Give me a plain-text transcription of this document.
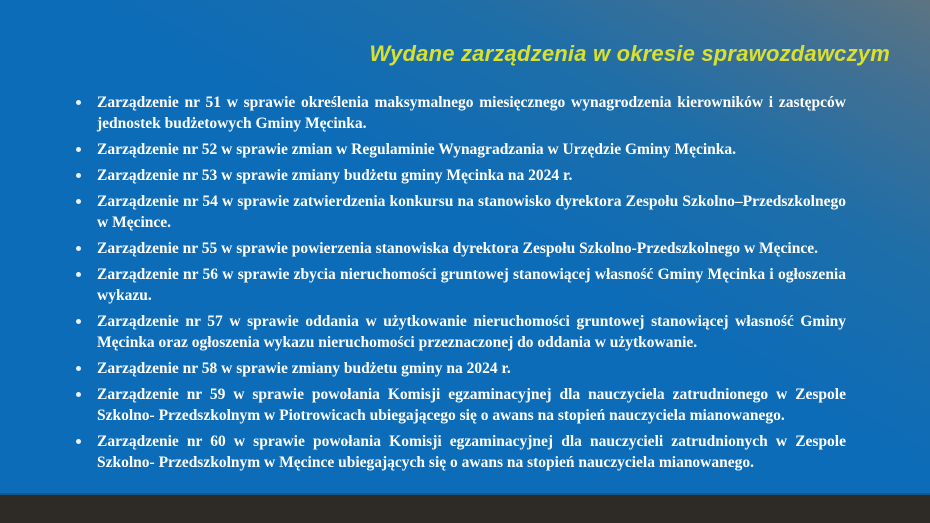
Wydane zarządzenia w okresie sprawozdawczym
Zarządzenie nr 51 w sprawie określenia maksymalnego miesięcznego wynagrodzenia kierowników i zastępców jednostek budżetowych Gminy Męcinka.
Zarządzenie nr 52 w sprawie zmian w Regulaminie Wynagradzania w Urzędzie Gminy Męcinka.
Zarządzenie nr 53 w sprawie zmiany budżetu gminy Męcinka na 2024 r.
Zarządzenie nr 54 w sprawie zatwierdzenia konkursu na stanowisko dyrektora Zespołu Szkolno–Przedszkolnego w Męcince.
Zarządzenie nr 55 w sprawie powierzenia stanowiska dyrektora Zespołu Szkolno-Przedszkolnego w Męcince.
Zarządzenie nr 56 w sprawie zbycia nieruchomości gruntowej stanowiącej własność Gminy Męcinka i ogłoszenia wykazu.
Zarządzenie nr 57 w sprawie oddania w użytkowanie nieruchomości gruntowej stanowiącej własność Gminy Męcinka oraz ogłoszenia wykazu nieruchomości przeznaczonej do oddania w użytkowanie.
Zarządzenie nr 58 w sprawie zmiany budżetu gminy na 2024 r.
Zarządzenie nr 59 w sprawie powołania Komisji egzaminacyjnej dla nauczyciela zatrudnionego w Zespole Szkolno- Przedszkolnym w Piotrowicach ubiegającego się o awans na stopień nauczyciela mianowanego.
Zarządzenie nr 60 w sprawie powołania Komisji egzaminacyjnej dla nauczycieli zatrudnionych w Zespole Szkolno- Przedszkolnym w Męcince ubiegających się o awans na stopień nauczyciela mianowanego.
